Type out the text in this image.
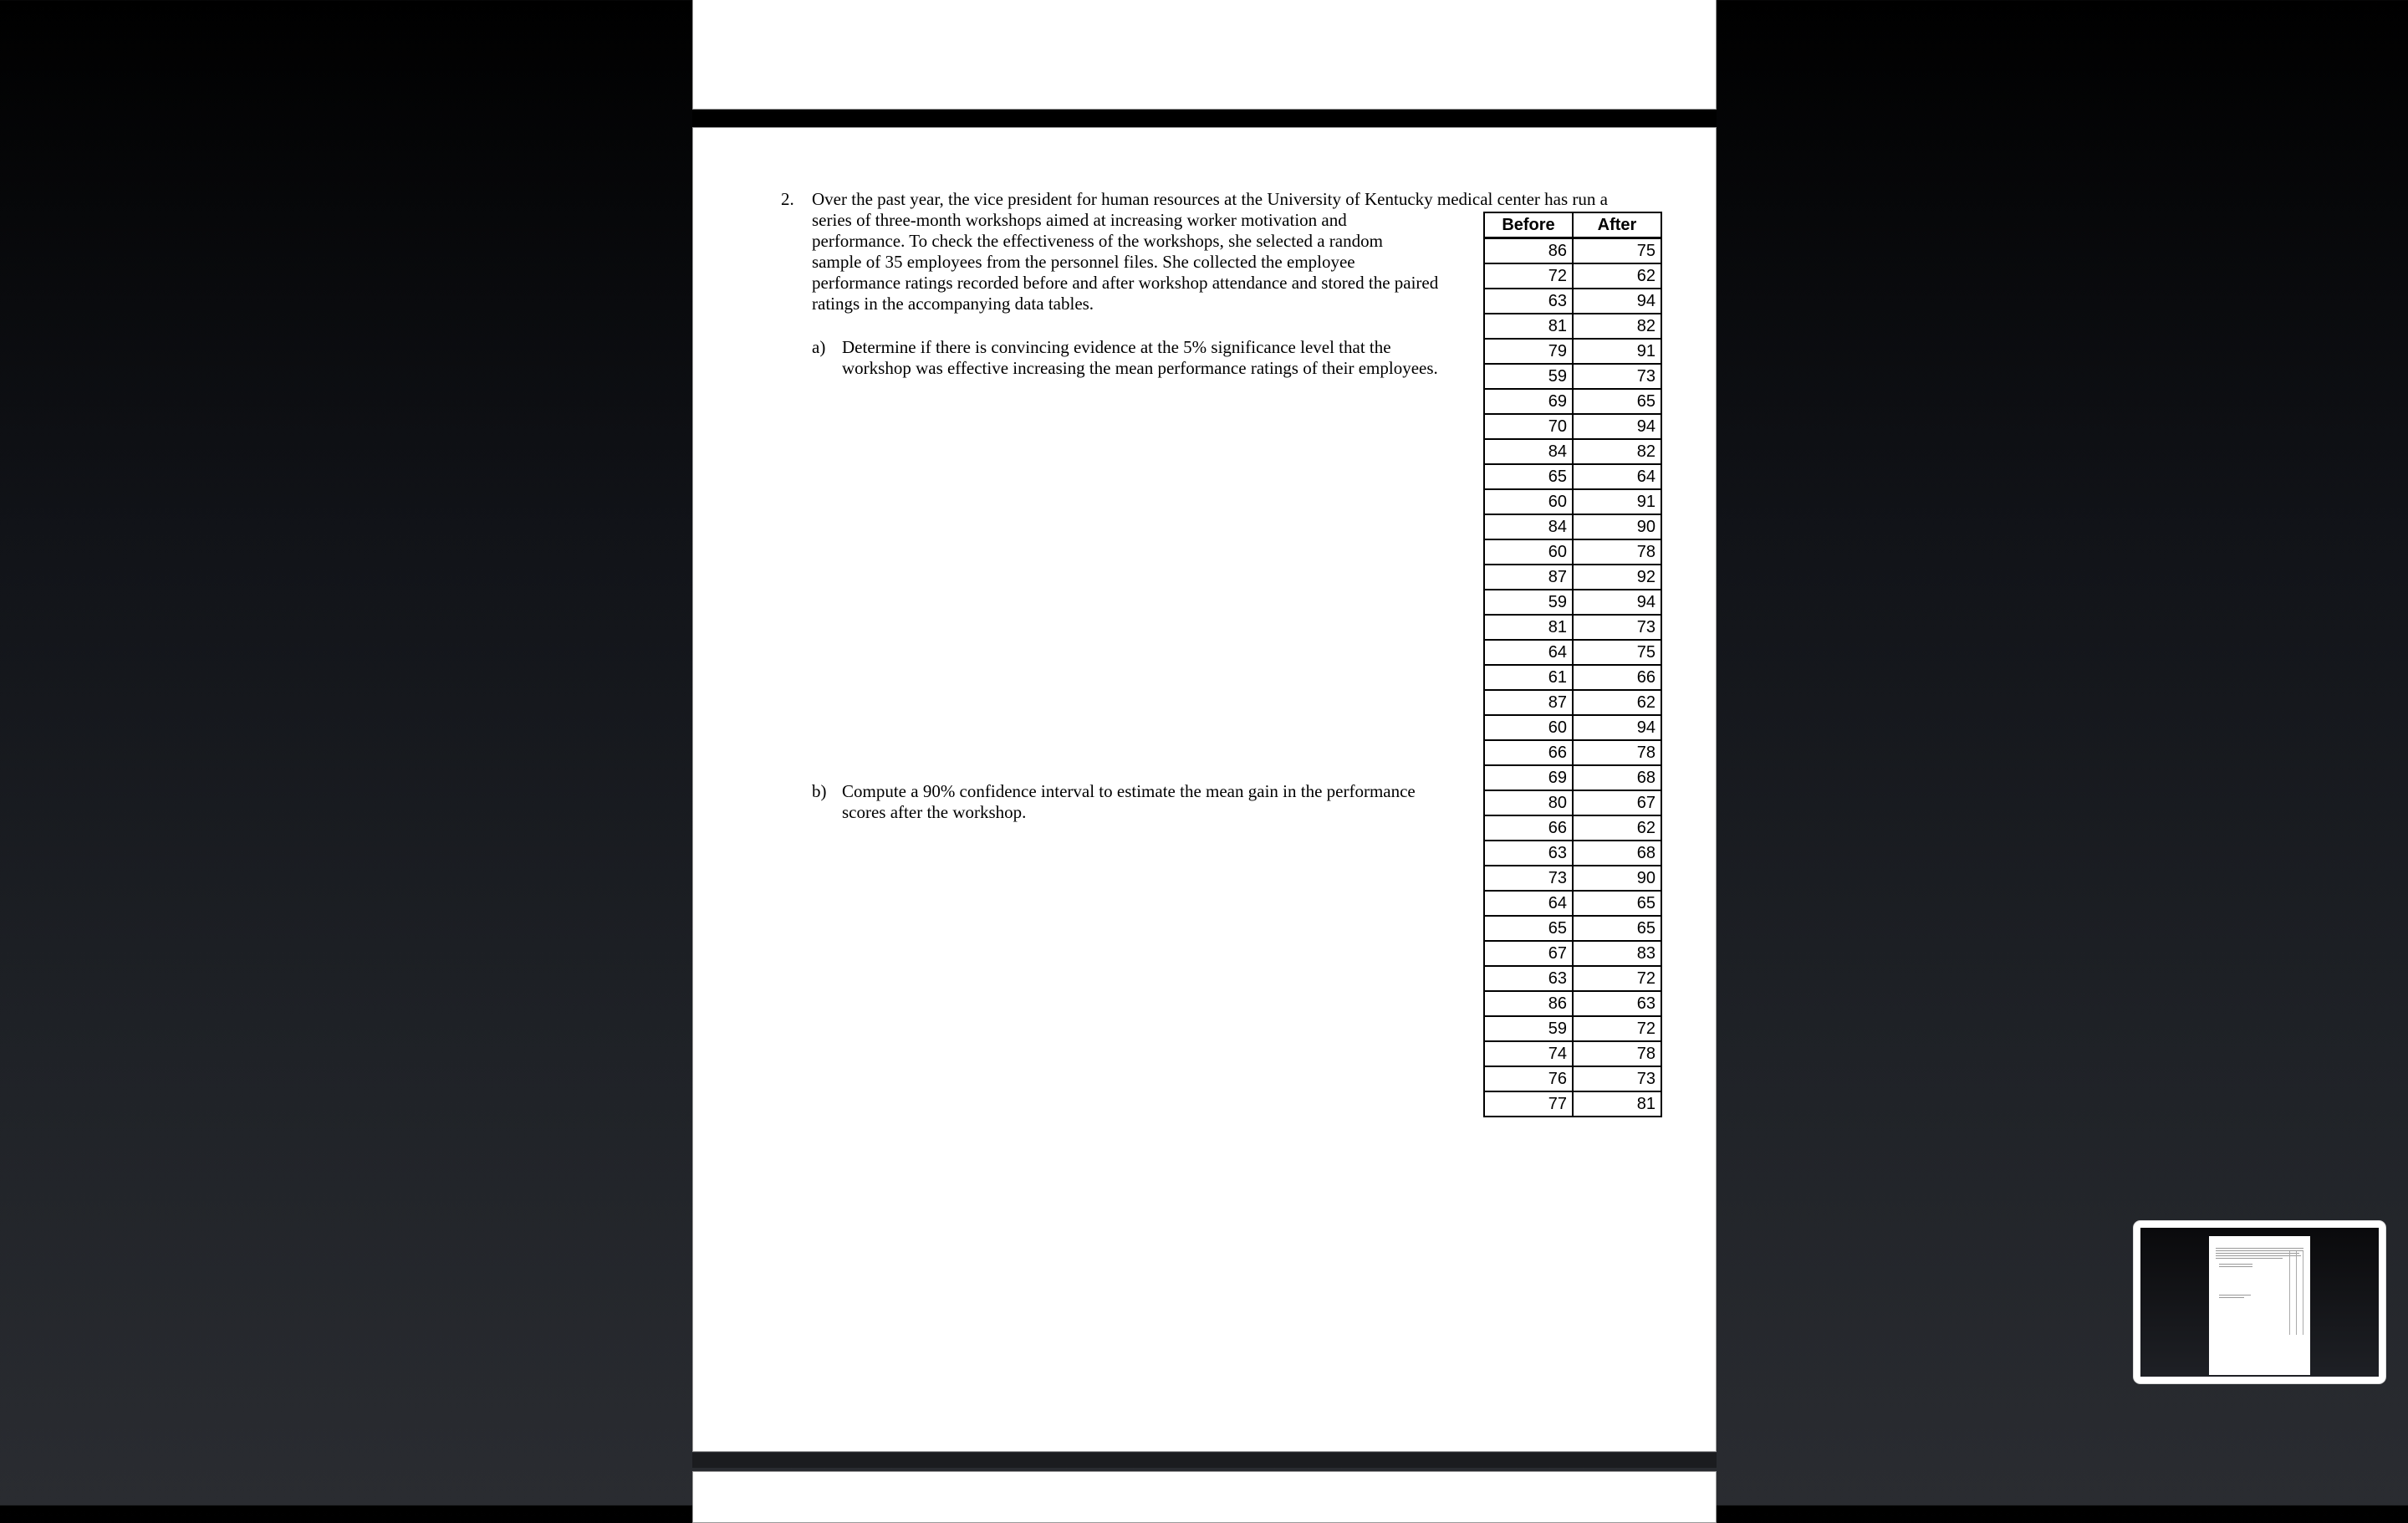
2. Over the past year, the vice president for human resources at the University of Kentucky medical center has run a
series of three-month workshops aimed at increasing worker motivation and
performance. To check the effectiveness of the workshops, she selected a random
sample of 35 employees from the personnel files. She collected the employee
performance ratings recorded before and after workshop attendance and stored the paired
ratings in the accompanying data tables.
a) Determine if there is convincing evidence at the 5% significance level that the
workshop was effective increasing the mean performance ratings of their employees.
b) Compute a 90% confidence interval to estimate the mean gain in the performance
scores after the workshop.
Before	After
86	75
72	62
63	94
81	82
79	91
59	73
69	65
70	94
84	82
65	64
60	91
84	90
60	78
87	92
59	94
81	73
64	75
61	66
87	62
60	94
66	78
69	68
80	67
66	62
63	68
73	90
64	65
65	65
67	83
63	72
86	63
59	72
74	78
76	73
77	81
